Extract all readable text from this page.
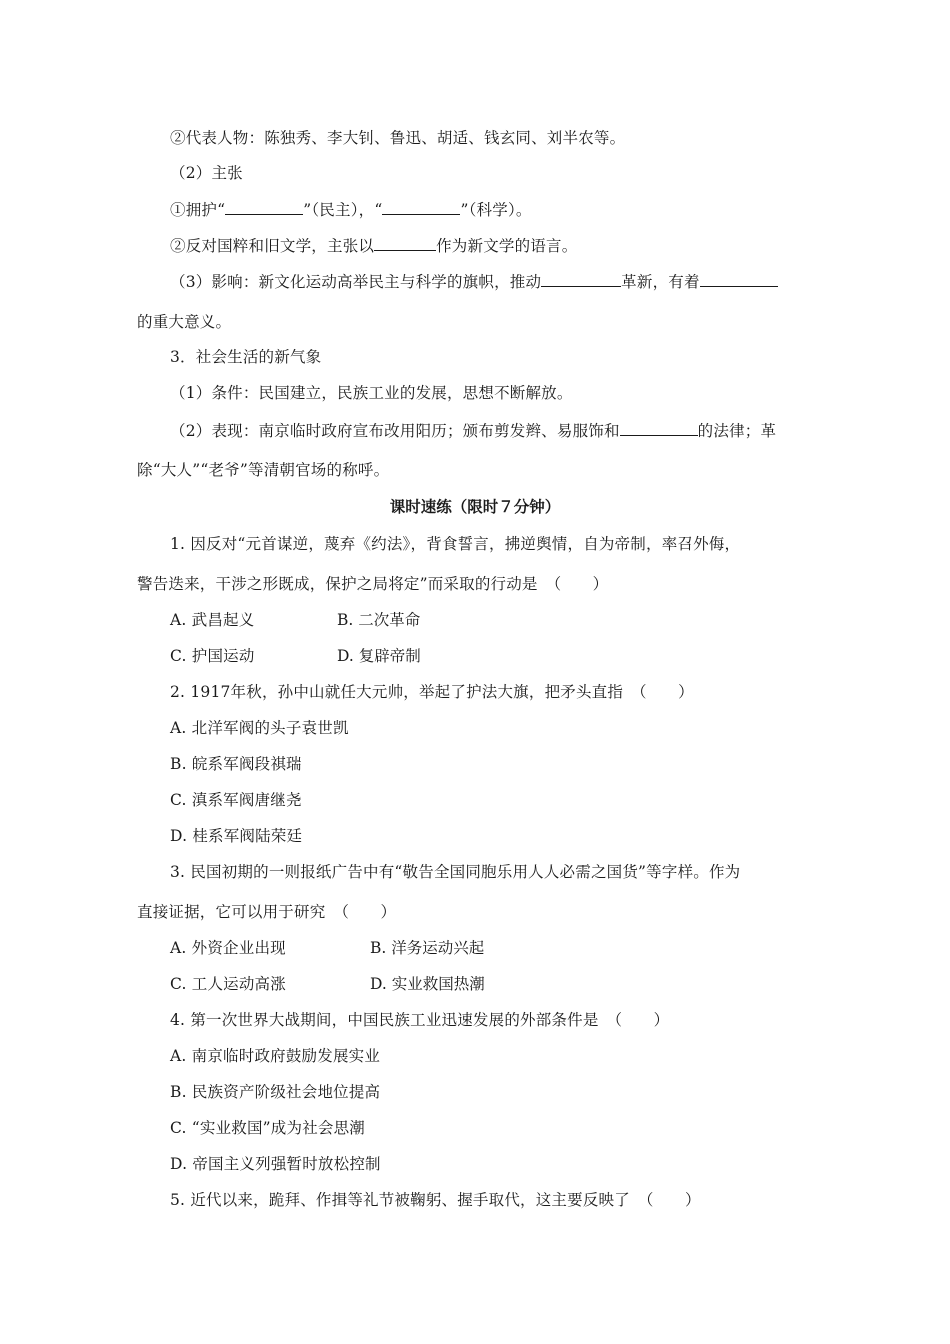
②代表人物：陈独秀、李大钊、鲁迅、胡适、钱玄同、刘半农等。
（2）主张
①拥护“	”（民主），“	”（科学）。
②反对国粹和旧文学，主张以	作为新文学的语言。
（3）影响：新文化运动高举民主与科学的旗帜，推动	革新，有着
的重大意义。
3．社会生活的新气象
（1）条件：民国建立，民族工业的发展，思想不断解放。
（2）表现：南京临时政府宣布改用阳历；颁布剪发辫、易服饰和	的法律；革
除“大人”“老爷”等清朝官场的称呼。
课时速练（限时７分钟）
1. 因反对“元首谋逆，蔑弃《约法》，背食誓言，拂逆舆情，自为帝制，率召外侮，
警告迭来，干涉之形既成，保护之局将定”而采取的行动是　（　　）
A. 武昌起义	B. 二次革命
C. 护国运动	D. 复辟帝制
2. 1917年秋，孙中山就任大元帅，举起了护法大旗，把矛头直指　（　　）
A. 北洋军阀的头子袁世凯
B. 皖系军阀段祺瑞
C. 滇系军阀唐继尧
D. 桂系军阀陆荣廷
3. 民国初期的一则报纸广告中有“敬告全国同胞乐用人人必需之国货”等字样。作为
直接证据，它可以用于研究　（　　）
A. 外资企业出现	B. 洋务运动兴起
C. 工人运动高涨	D. 实业救国热潮
4. 第一次世界大战期间，中国民族工业迅速发展的外部条件是　（　　）
A. 南京临时政府鼓励发展实业
B. 民族资产阶级社会地位提高
C. “实业救国”成为社会思潮
D. 帝国主义列强暂时放松控制
5. 近代以来，跪拜、作揖等礼节被鞠躬、握手取代，这主要反映了　（　　）
